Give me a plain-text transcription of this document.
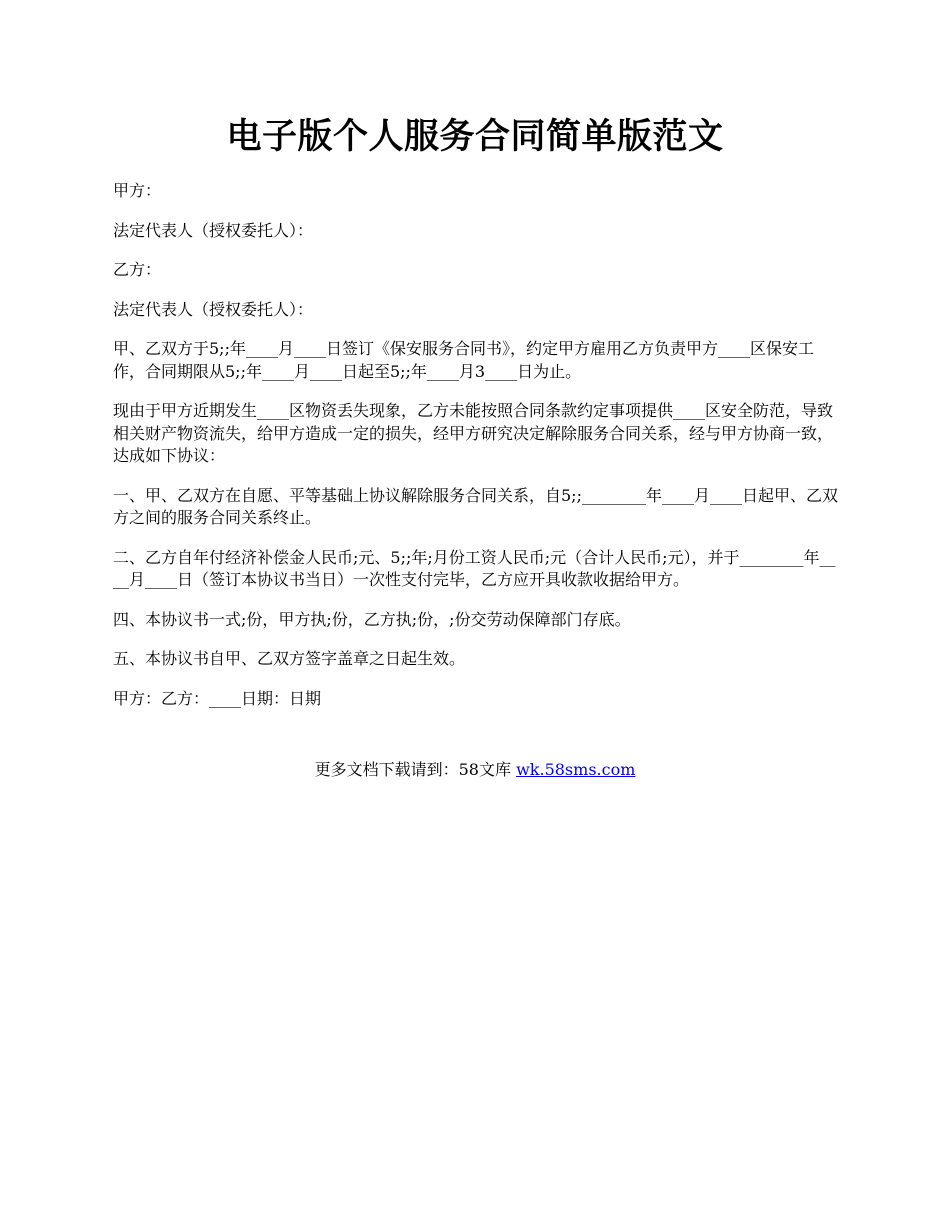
电子版个人服务合同简单版范文

甲方：

法定代表人（授权委托人）：

乙方：

法定代表人（授权委托人）：

甲、乙双方于5;;年____月____日签订《保安服务合同书》，约定甲方雇用乙方负责甲方____区保安工作，合同期限从5;;年____月____日起至5;;年____月3____日为止。

现由于甲方近期发生____区物资丢失现象，乙方未能按照合同条款约定事项提供____区安全防范，导致相关财产物资流失，给甲方造成一定的损失，经甲方研究决定解除服务合同关系，经与甲方协商一致，达成如下协议：

一、甲、乙双方在自愿、平等基础上协议解除服务合同关系，自5;;________年____月____日起甲、乙双方之间的服务合同关系终止。

二、乙方自年付经济补偿金人民币;元、5;;年;月份工资人民币;元（合计人民币;元），并于________年____月____日（签订本协议书当日）一次性支付完毕，乙方应开具收款收据给甲方。

四、本协议书一式;份，甲方执;份，乙方执;份，;份交劳动保障部门存底。

五、本协议书自甲、乙双方签字盖章之日起生效。

甲方：乙方：____日期：日期

更多文档下载请到：58文库 wk.58sms.com
